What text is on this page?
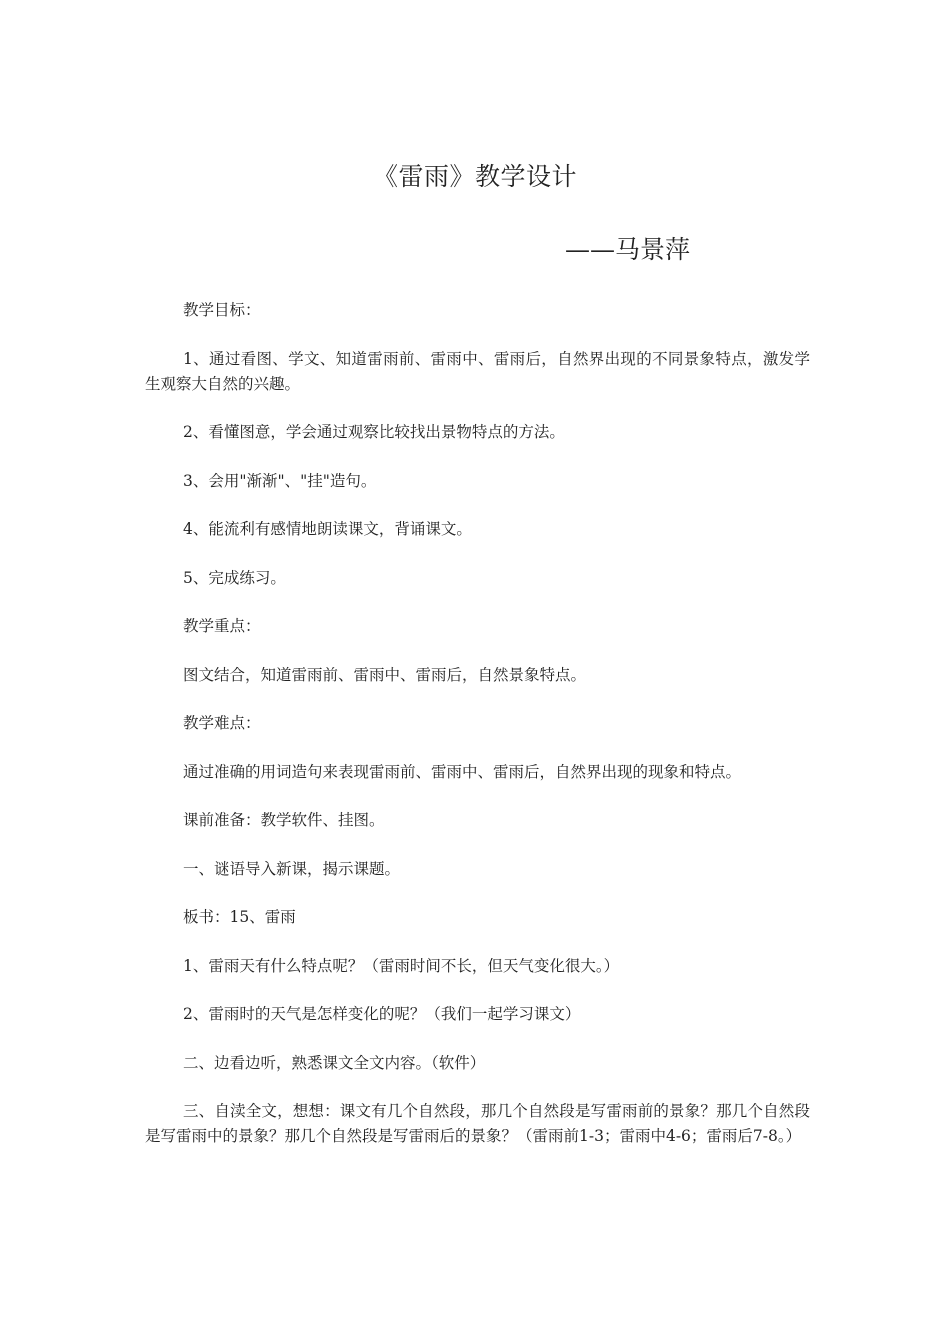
《雷雨》教学设计

——马景萍

教学目标：

1、通过看图、学文、知道雷雨前、雷雨中、雷雨后，自然界出现的不同景象特点，激发学生观察大自然的兴趣。

2、看懂图意，学会通过观察比较找出景物特点的方法。

3、会用"渐渐"、"挂"造句。

4、能流利有感情地朗读课文，背诵课文。

5、完成练习。

教学重点：

图文结合，知道雷雨前、雷雨中、雷雨后，自然景象特点。

教学难点：

通过准确的用词造句来表现雷雨前、雷雨中、雷雨后，自然界出现的现象和特点。

课前准备：教学软件、挂图。

一、谜语导入新课，揭示课题。

板书：15、雷雨

1、雷雨天有什么特点呢？（雷雨时间不长，但天气变化很大。）

2、雷雨时的天气是怎样变化的呢？（我们一起学习课文）

二、边看边听，熟悉课文全文内容。（软件）

三、自渎全文，想想：课文有几个自然段，那几个自然段是写雷雨前的景象？那几个自然段是写雷雨中的景象？那几个自然段是写雷雨后的景象？（雷雨前1-3；雷雨中4-6；雷雨后7-8。）
